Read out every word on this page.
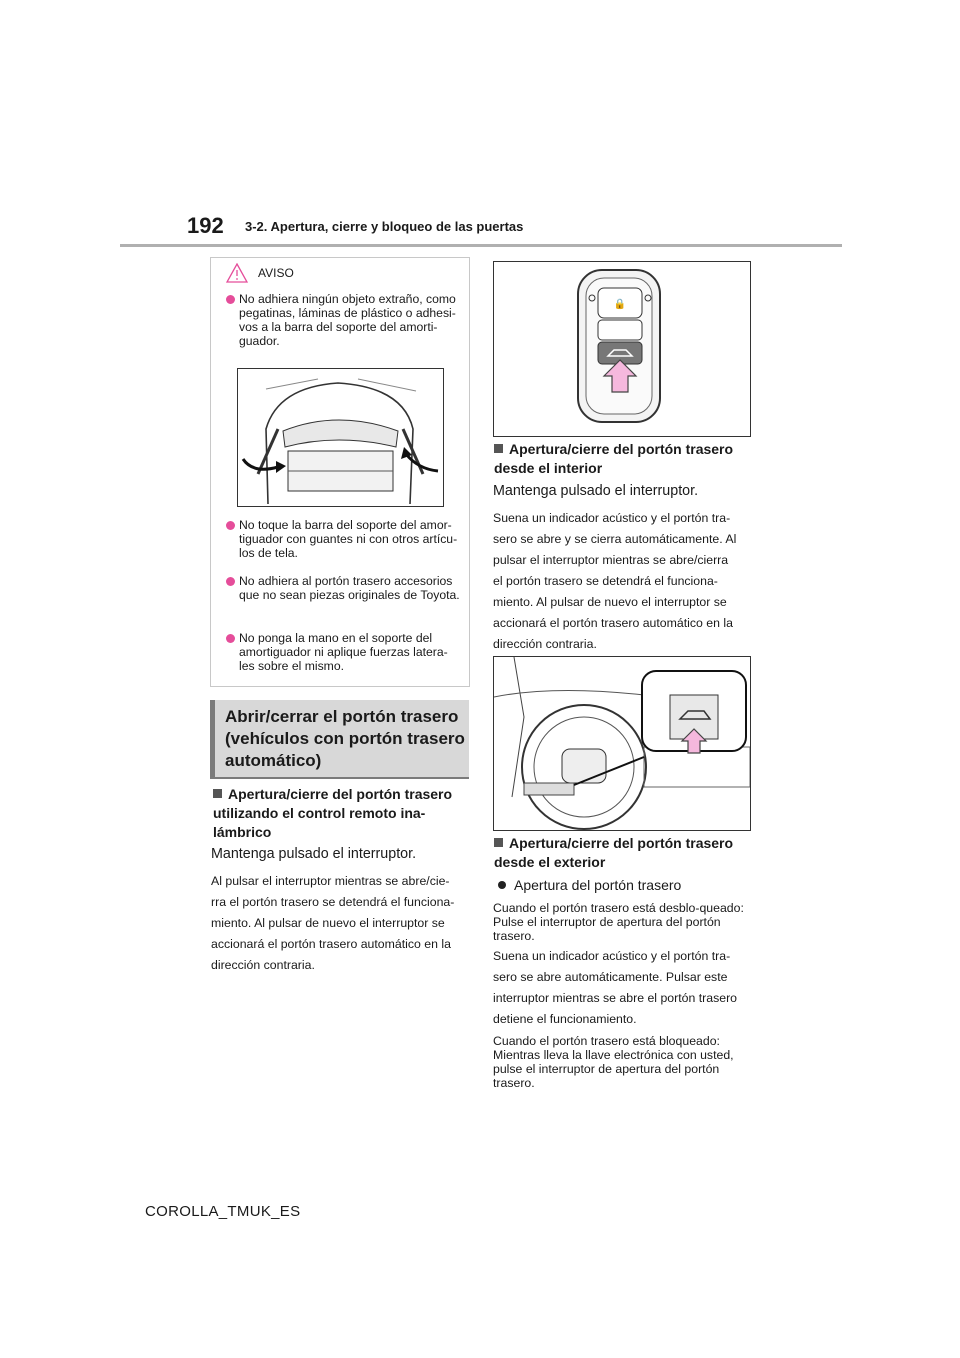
192 3-2. Apertura, cierre y bloqueo de las puertas
AVISO
No adhiera ningún objeto extraño, como pegatinas, láminas de plástico o adhesi-vos a la barra del soporte del amorti-guador.
No toque la barra del soporte del amor-tiguador con guantes ni con otros artícu-los de tela.
No adhiera al portón trasero accesorios que no sean piezas originales de Toyota.
No ponga la mano en el soporte del amortiguador ni aplique fuerzas latera-les sobre el mismo.
Abrir/cerrar el portón trasero (vehículos con portón trasero automático)
Apertura/cierre del portón trasero utilizando el control remoto ina-lámbrico
Mantenga pulsado el interruptor.
Al pulsar el interruptor mientras se abre/cie-
rra el portón trasero se detendrá el funciona-
miento. Al pulsar de nuevo el interruptor se
accionará el portón trasero automático en la
dirección contraria.
🔒
Apertura/cierre del portón trasero desde el interior
Mantenga pulsado el interruptor.
Suena un indicador acústico y el portón tra-
sero se abre y se cierra automáticamente. Al
pulsar el interruptor mientras se abre/cierra
el portón trasero se detendrá el funciona-
miento. Al pulsar de nuevo el interruptor se
accionará el portón trasero automático en la
dirección contraria.
Apertura/cierre del portón trasero desde el exterior
Apertura del portón trasero
Cuando el portón trasero está desblo-queado: Pulse el interruptor de apertura del portón trasero.
Suena un indicador acústico y el portón tra-
sero se abre automáticamente. Pulsar este
interruptor mientras se abre el portón trasero
detiene el funcionamiento.
Cuando el portón trasero está bloqueado: Mientras lleva la llave electrónica con usted, pulse el interruptor de apertura del portón trasero.
COROLLA_TMUK_ES
